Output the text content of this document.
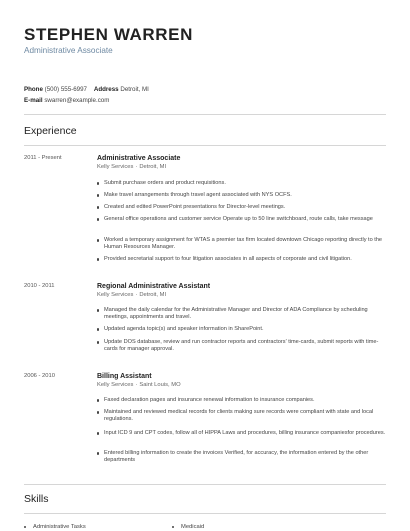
STEPHEN WARREN
Administrative Associate
Phone (500) 555-6997 Address Detroit, MI
E-mail swarren@example.com
Experience
2011 - Present	Administrative Associate
Kelly Services · Detroit, MI
Submit purchase orders and product requisitions.
Make travel arrangements through travel agent associated with NYS OCFS.
Created and edited PowerPoint presentations for Director-level meetings.
General office operations and customer service Operate up to 50 line switchboard, route calls, take message
Worked a temporary assignment for WTAS a premier tax firm located downtown Chicago reporting directly to the Human Resources Manager.
Provided secretarial support to four litigation associates in all aspects of corporate and civil litigation.
2010 - 2011	Regional Administrative Assistant
Kelly Services · Detroit, MI
Managed the daily calendar for the Administrative Manager and Director of ADA Compliance by scheduling meetings, appointments and travel.
Updated agenda topic(s) and speaker information in SharePoint.
Update DOS database, review and run contractor reports and contractors' time-cards, submit reports with time-cards for manager approval.
2006 - 2010	Billing Assistant
Kelly Services · Saint Louis, MO
Faxed declaration pages and insurance renewal information to insurance companies.
Maintained and reviewed medical records for clients making sure records were compliant with state and local regulations.
Input ICD 9 and CPT codes, follow all of HIPPA Laws and procedures, billing insurance companiesfor procedures.
Entered billing information to create the invoices Verified, for accuracy, the information entered by the other departments
Skills
Administrative Tasks	Medicaid
